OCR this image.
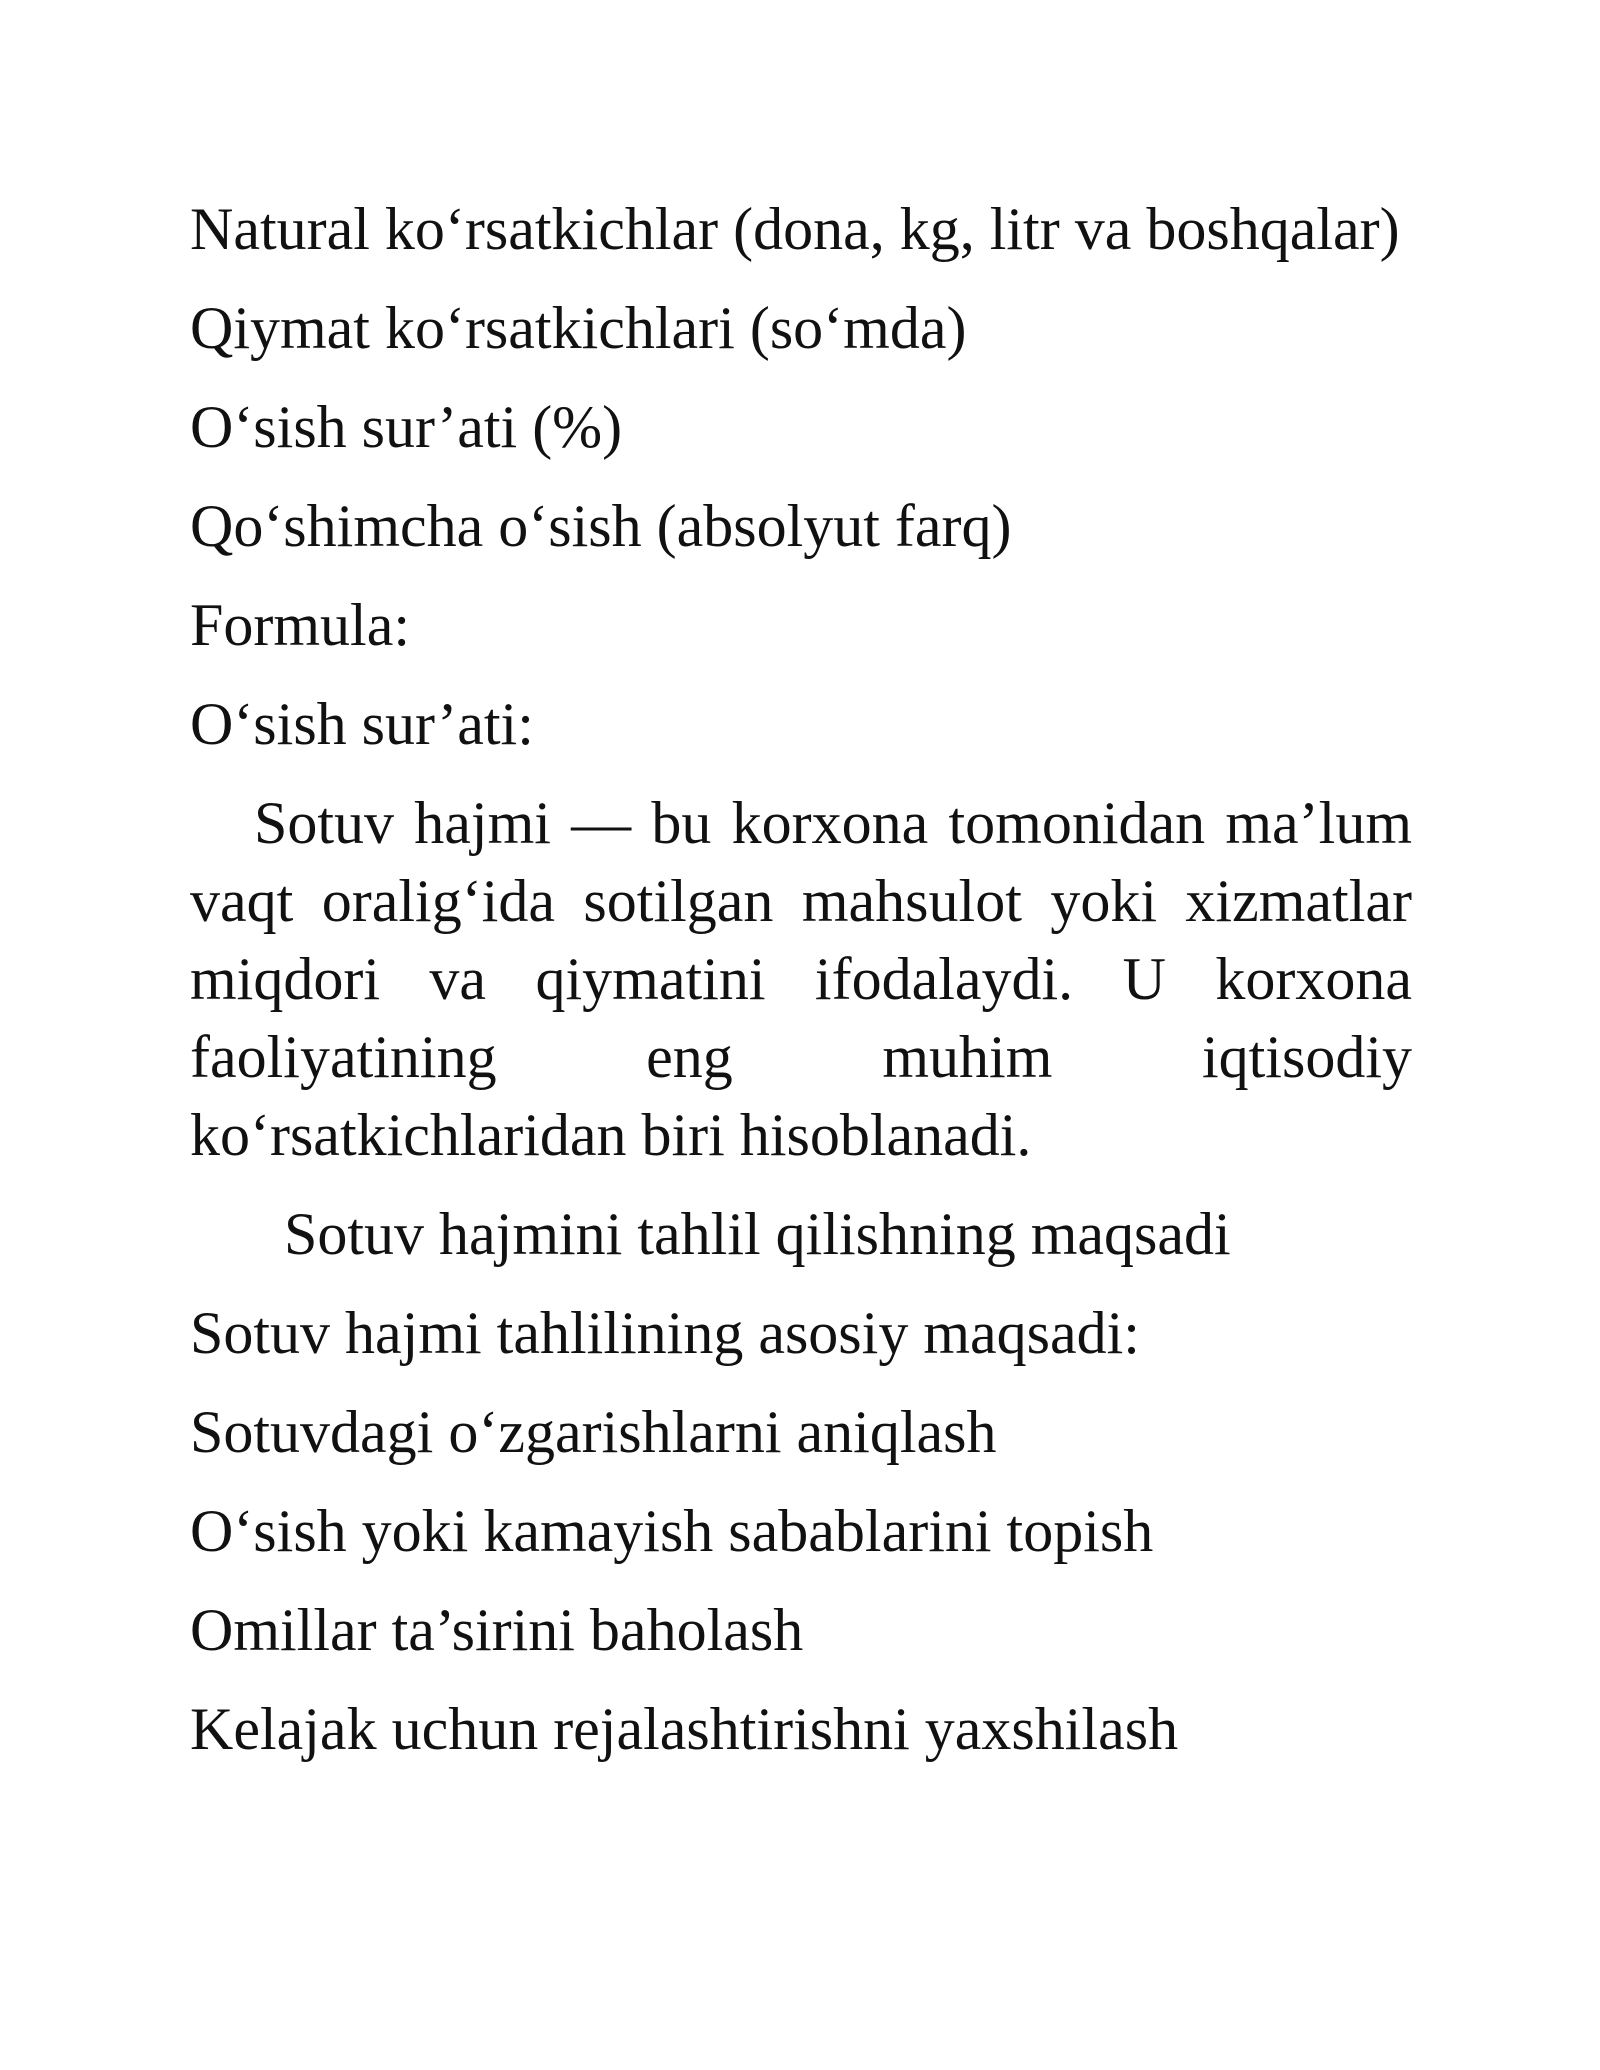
Natural ko‘rsatkichlar (dona, kg, litr va boshqalar)

Qiymat ko‘rsatkichlari (so‘mda)

O‘sish sur’ati (%)

Qo‘shimcha o‘sish (absolyut farq)

Formula:

O‘sish sur’ati:

Sotuv hajmi — bu korxona tomonidan ma’lum vaqt oralig‘ida sotilgan mahsulot yoki xizmatlar miqdori va qiymatini ifodalaydi. U korxona faoliyatining eng muhim iqtisodiy ko‘rsatkichlaridan biri hisoblanadi.

Sotuv hajmini tahlil qilishning maqsadi

Sotuv hajmi tahlilining asosiy maqsadi:

Sotuvdagi o‘zgarishlarni aniqlash

O‘sish yoki kamayish sabablarini topish

Omillar ta’sirini baholash

Kelajak uchun rejalashtirishni yaxshilash
